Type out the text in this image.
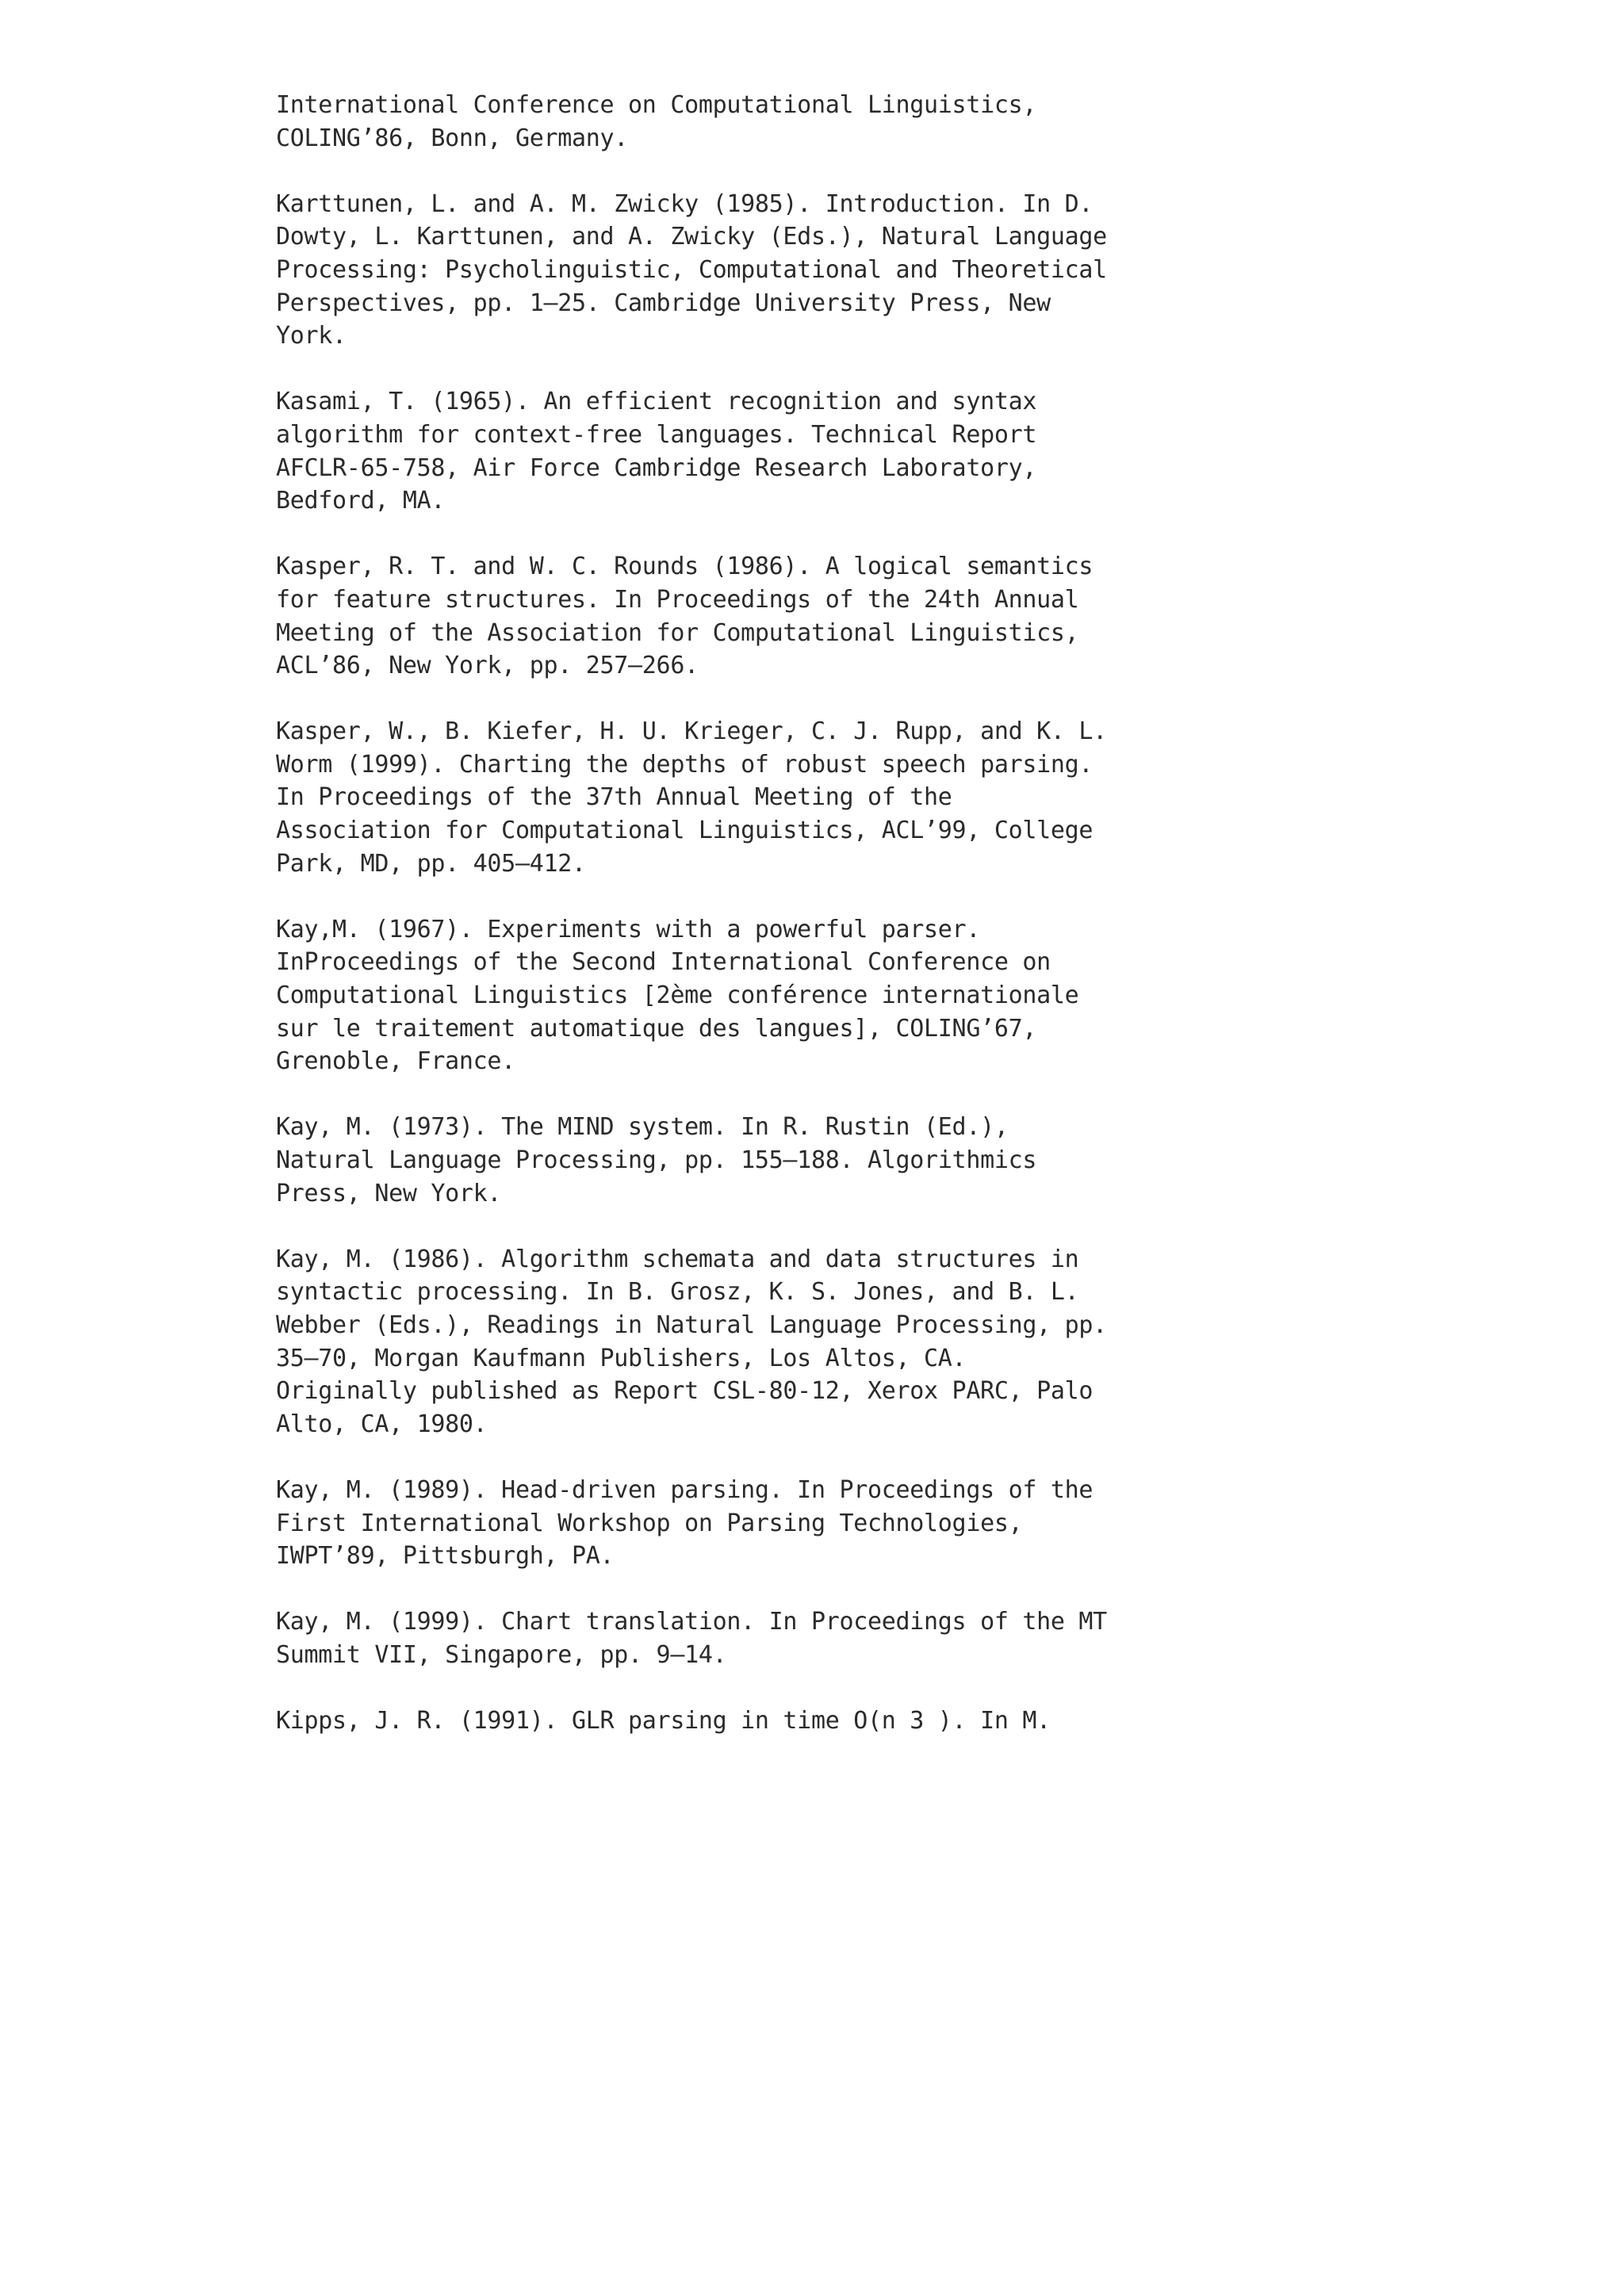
International Conference on Computational Linguistics,
COLING’86, Bonn, Germany.
Karttunen, L. and A. M. Zwicky (1985). Introduction. In D.
Dowty, L. Karttunen, and A. Zwicky (Eds.), Natural Language
Processing: Psycholinguistic, Computational and Theoretical
Perspectives, pp. 1–25. Cambridge University Press, New
York.
Kasami, T. (1965). An efficient recognition and syntax
algorithm for context-free languages. Technical Report
AFCLR-65-758, Air Force Cambridge Research Laboratory,
Bedford, MA.
Kasper, R. T. and W. C. Rounds (1986). A logical semantics
for feature structures. In Proceedings of the 24th Annual
Meeting of the Association for Computational Linguistics,
ACL’86, New York, pp. 257–266.
Kasper, W., B. Kiefer, H. U. Krieger, C. J. Rupp, and K. L.
Worm (1999). Charting the depths of robust speech parsing.
In Proceedings of the 37th Annual Meeting of the
Association for Computational Linguistics, ACL’99, College
Park, MD, pp. 405–412.
Kay,M. (1967). Experiments with a powerful parser.
InProceedings of the Second International Conference on
Computational Linguistics [2ème conférence internationale
sur le traitement automatique des langues], COLING’67,
Grenoble, France.
Kay, M. (1973). The MIND system. In R. Rustin (Ed.),
Natural Language Processing, pp. 155–188. Algorithmics
Press, New York.
Kay, M. (1986). Algorithm schemata and data structures in
syntactic processing. In B. Grosz, K. S. Jones, and B. L.
Webber (Eds.), Readings in Natural Language Processing, pp.
35–70, Morgan Kaufmann Publishers, Los Altos, CA.
Originally published as Report CSL-80-12, Xerox PARC, Palo
Alto, CA, 1980.
Kay, M. (1989). Head-driven parsing. In Proceedings of the
First International Workshop on Parsing Technologies,
IWPT’89, Pittsburgh, PA.
Kay, M. (1999). Chart translation. In Proceedings of the MT
Summit VII, Singapore, pp. 9–14.
Kipps, J. R. (1991). GLR parsing in time O(n 3 ). In M.
